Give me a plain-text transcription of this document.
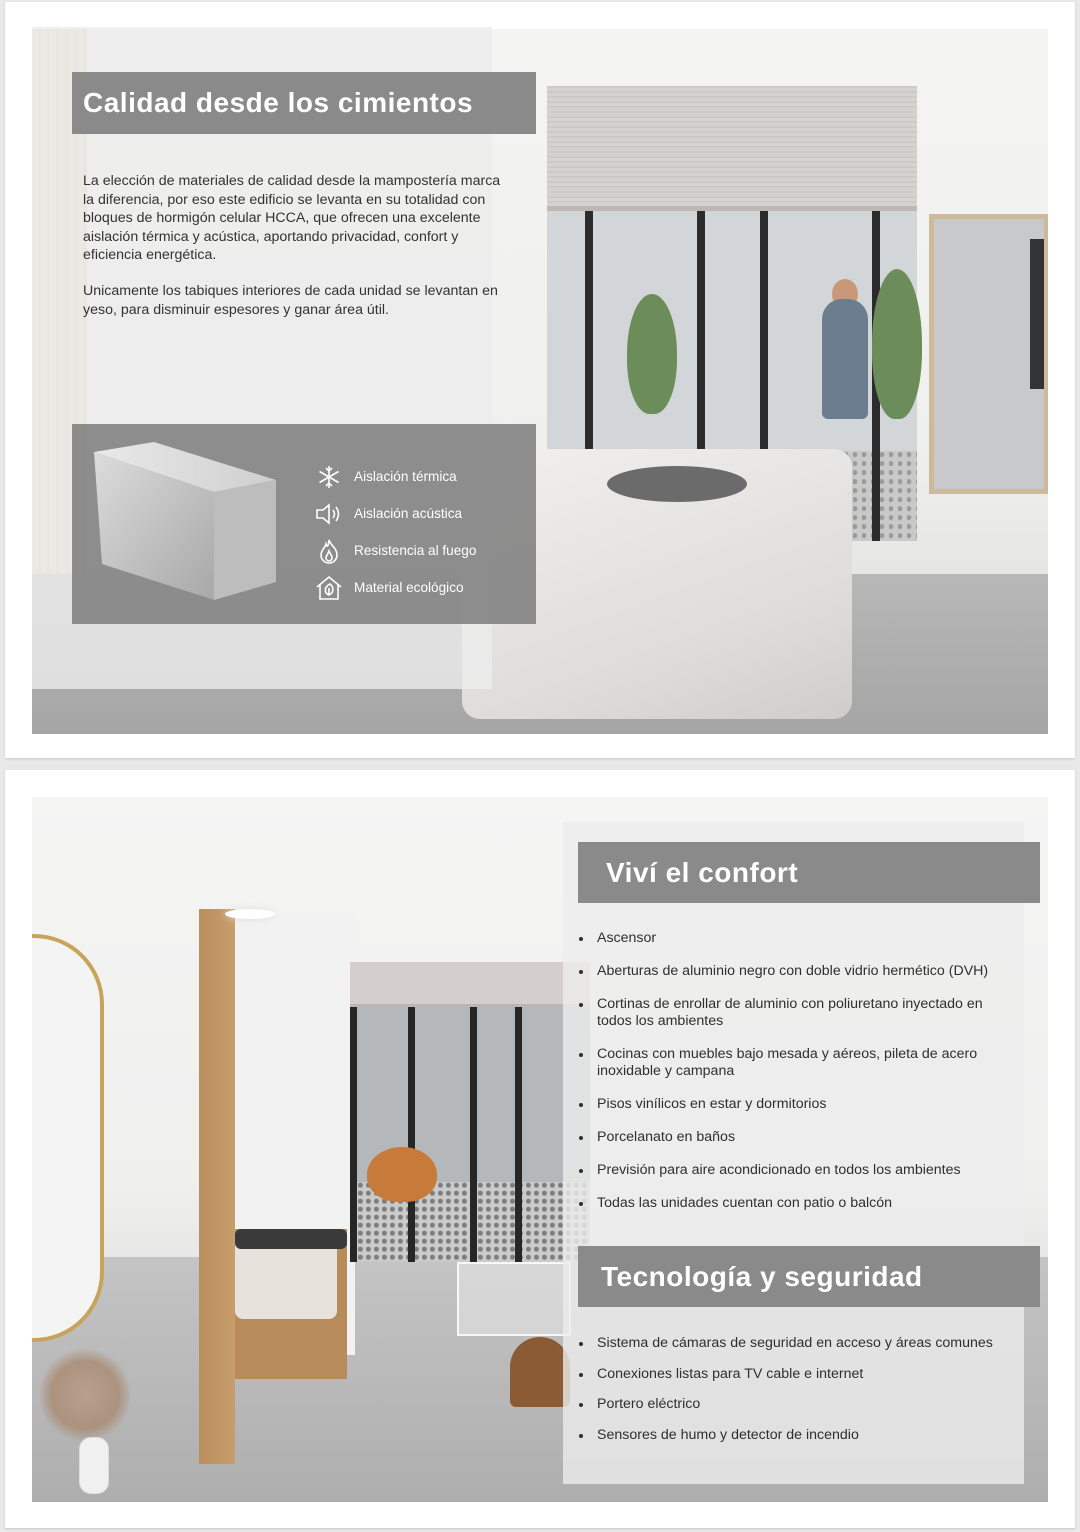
Calidad desde los cimientos
La elección de materiales de calidad desde la mampostería marca la diferencia, por eso este edificio se levanta en su totalidad con bloques de hormigón celular HCCA, que ofrecen una excelente aislación térmica y acústica, aportando privacidad, confort y eficiencia energética.
Unicamente los tabiques interiores de cada unidad se levantan en yeso, para disminuir espesores y ganar área útil.
Aislación térmica
Aislación acústica
Resistencia al fuego
Material ecológico
Viví el confort
Ascensor
Aberturas de aluminio negro con doble vidrio hermético (DVH)
Cortinas de enrollar de aluminio con poliuretano inyectado en todos los ambientes
Cocinas con muebles bajo mesada y aéreos, pileta de acero inoxidable y campana
Pisos vinílicos en estar y dormitorios
Porcelanato en baños
Previsión para aire acondicionado en todos los ambientes
Todas las unidades cuentan con patio o balcón
Tecnología y seguridad
Sistema de cámaras de seguridad en acceso y áreas comunes
Conexiones listas para TV cable e internet
Portero eléctrico
Sensores de humo y detector de incendio
